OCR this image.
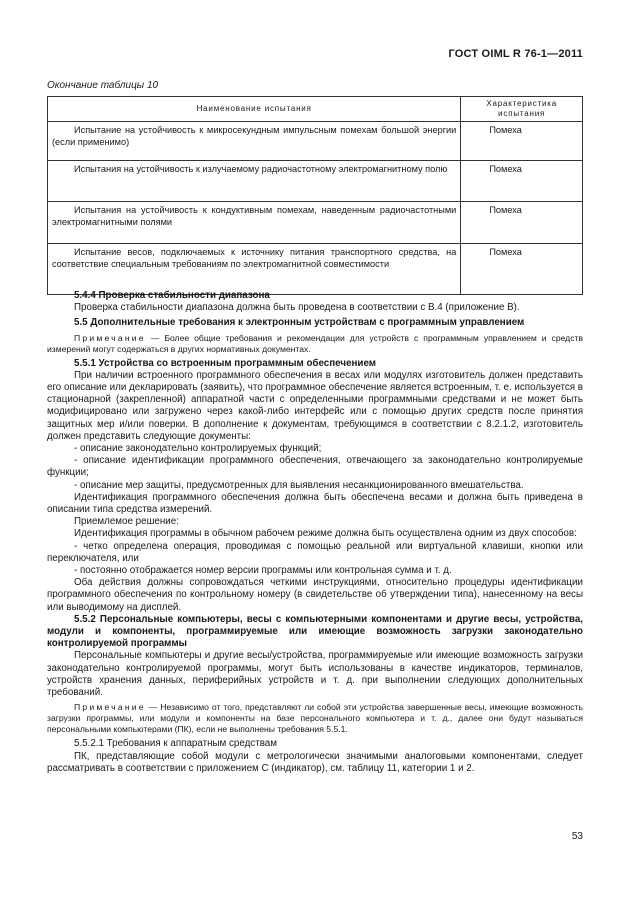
ГОСТ OIML R 76-1—2011
Окончание таблицы 10
Наименование испытания	Характеристика испытания

Испытание на устойчивость к микросекундным импульсным помехам большой энергии (если применимо)	Помеха

Испытания на устойчивость к излучаемому радиочастотному электромагнитному полю	Помеха

Испытания на устойчивость к кондуктивным помехам, наведенным радиочастотными электромагнитными полями	Помеха

Испытание весов, подключаемых к источнику питания транспортного средства, на соответствие специальным требованиям по электромагнитной совместимости	Помеха

5.4.4 Проверка стабильности диапазона

Проверка стабильности диапазона должна быть проведена в соответствии с В.4 (приложение В).

5.5 Дополнительные требования к электронным устройствам с программным управлением

Примечание — Более общие требования и рекомендации для устройств с программным управлением и средств измерений могут содержаться в других нормативных документах.

5.5.1 Устройства со встроенным программным обеспечением

При наличии встроенного программного обеспечения в весах или модулях изготовитель должен представить его описание или декларировать (заявить), что программное обеспечение является встроенным, т. е. используется в стационарной (закрепленной) аппаратной части с определенными программными средствами и не может быть модифицировано или загружено через какой-либо интерфейс или с помощью других средств после принятия защитных мер и/или поверки. В дополнение к документам, требующимся в соответствии с 8.2.1.2, изготовитель должен представить следующие документы:

- описание законодательно контролируемых функций;

- описание идентификации программного обеспечения, отвечающего за законодательно контролируемые функции;

- описание мер защиты, предусмотренных для выявления несанкционированного вмешательства.

Идентификация программного обеспечения должна быть обеспечена весами и должна быть приведена в описании типа средства измерений.

Приемлемое решение:

Идентификация программы в обычном рабочем режиме должна быть осуществлена одним из двух способов:

- четко определена операция, проводимая с помощью реальной или виртуальной клавиши, кнопки или переключателя, или

- постоянно отображается номер версии программы или контрольная сумма и т. д.

Оба действия должны сопровождаться четкими инструкциями, относительно процедуры идентификации программного обеспечения по контрольному номеру (в свидетельстве об утверждении типа), нанесенному на весы или выводимому на дисплей.

5.5.2 Персональные компьютеры, весы с компьютерными компонентами и другие весы, устройства, модули и компоненты, программируемые или имеющие возможность загрузки законодательно контролируемой программы

Персональные компьютеры и другие весы/устройства, программируемые или имеющие возможность загрузки законодательно контролируемой программы, могут быть использованы в качестве индикаторов, терминалов, устройств хранения данных, периферийных устройств и т. д. при выполнении следующих дополнительных требований.

Примечание — Независимо от того, представляют ли собой эти устройства завершенные весы, имеющие возможность загрузки программы, или модули и компоненты на базе персонального компьютера и т. д., далее они будут называться персональными компьютерами (ПК), если не выполнены требования 5.5.1.

5.5.2.1 Требования к аппаратным средствам

ПК, представляющие собой модули с метрологически значимыми аналоговыми компонентами, следует рассматривать в соответствии с приложением С (индикатор), см. таблицу 11, категории 1 и 2.

53
